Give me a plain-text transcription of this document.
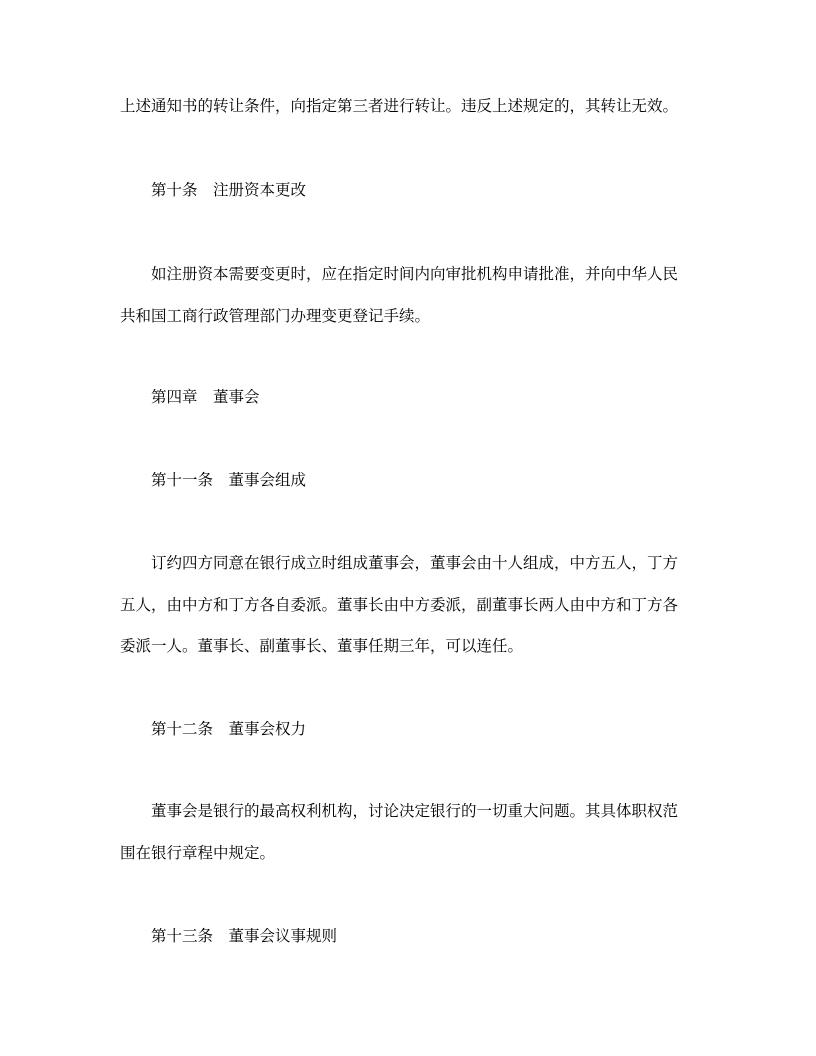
上述通知书的转让条件，向指定第三者进行转让。违反上述规定的，其转让无效。
第十条　注册资本更改
如注册资本需要变更时，应在指定时间内向审批机构申请批准，并向中华人民
共和国工商行政管理部门办理变更登记手续。
第四章　董事会
第十一条　董事会组成
订约四方同意在银行成立时组成董事会，董事会由十人组成，中方五人，丁方
五人，由中方和丁方各自委派。董事长由中方委派，副董事长两人由中方和丁方各
委派一人。董事长、副董事长、董事任期三年，可以连任。
第十二条　董事会权力
董事会是银行的最高权利机构，讨论决定银行的一切重大问题。其具体职权范
围在银行章程中规定。
第十三条　董事会议事规则
